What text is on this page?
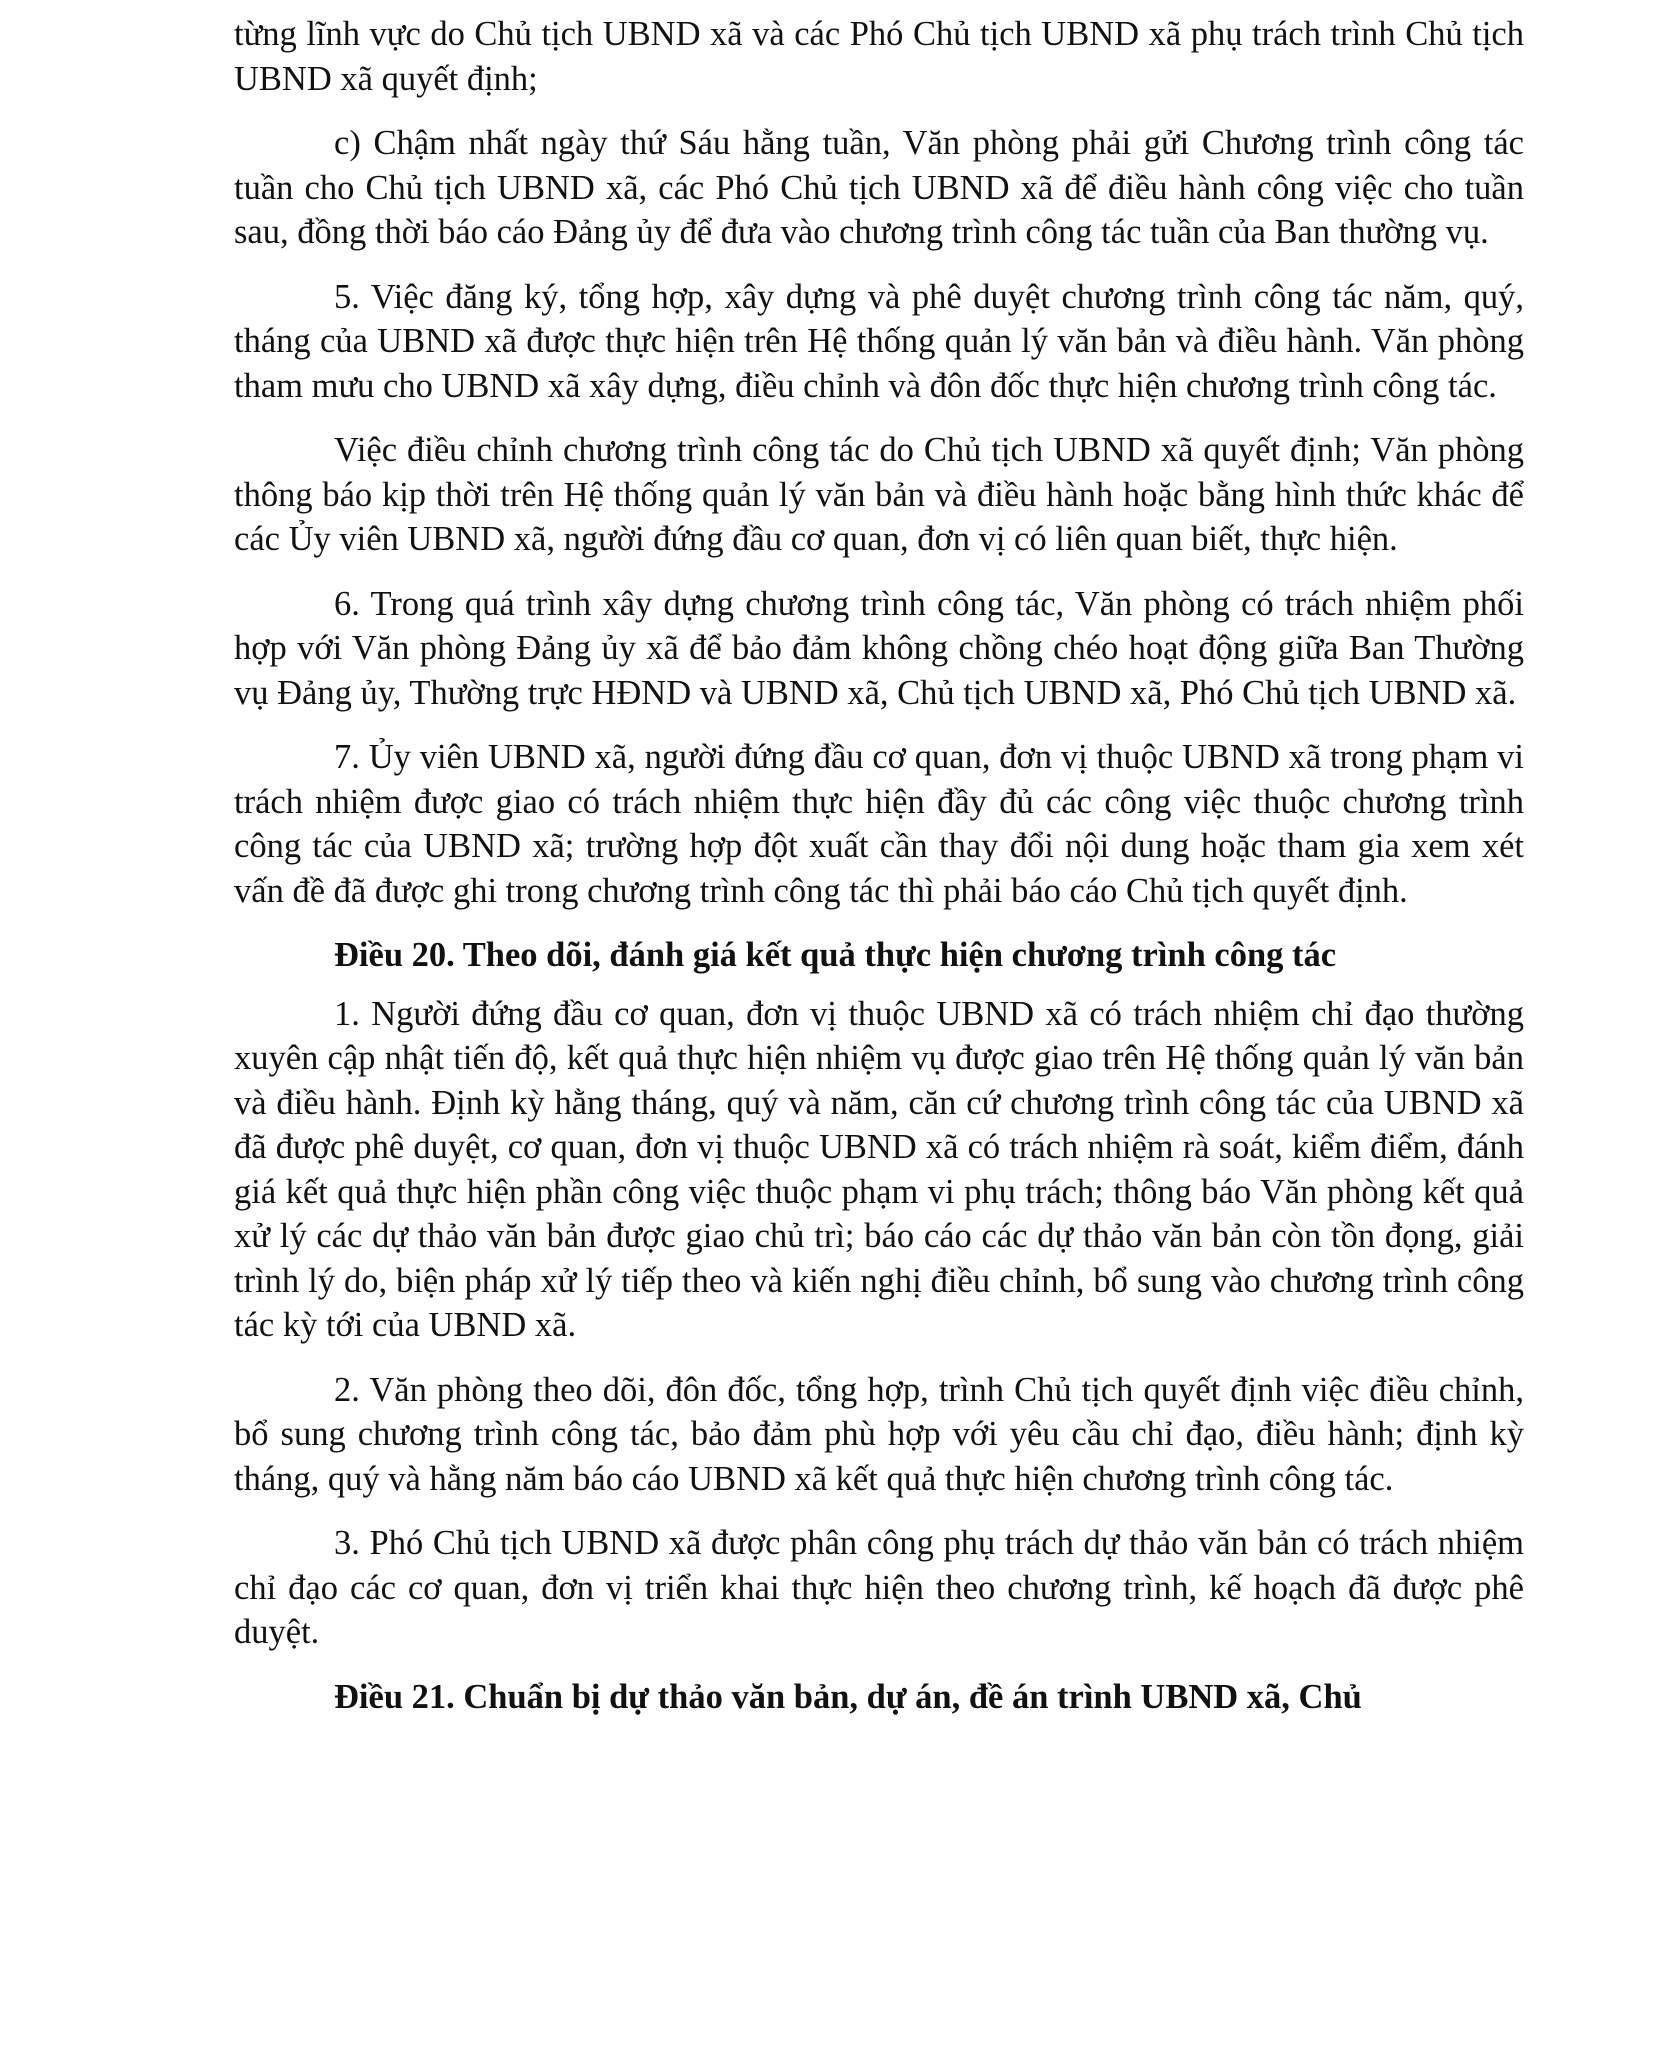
từng lĩnh vực do Chủ tịch UBND xã và các Phó Chủ tịch UBND xã phụ trách trình Chủ tịch UBND xã quyết định;

c) Chậm nhất ngày thứ Sáu hằng tuần, Văn phòng phải gửi Chương trình công tác tuần cho Chủ tịch UBND xã, các Phó Chủ tịch UBND xã để điều hành công việc cho tuần sau, đồng thời báo cáo Đảng ủy để đưa vào chương trình công tác tuần của Ban thường vụ.

5. Việc đăng ký, tổng hợp, xây dựng và phê duyệt chương trình công tác năm, quý, tháng của UBND xã được thực hiện trên Hệ thống quản lý văn bản và điều hành. Văn phòng tham mưu cho UBND xã xây dựng, điều chỉnh và đôn đốc thực hiện chương trình công tác.

Việc điều chỉnh chương trình công tác do Chủ tịch UBND xã quyết định; Văn phòng thông báo kịp thời trên Hệ thống quản lý văn bản và điều hành hoặc bằng hình thức khác để các Ủy viên UBND xã, người đứng đầu cơ quan, đơn vị có liên quan biết, thực hiện.

6. Trong quá trình xây dựng chương trình công tác, Văn phòng có trách nhiệm phối hợp với Văn phòng Đảng ủy xã để bảo đảm không chồng chéo hoạt động giữa Ban Thường vụ Đảng ủy, Thường trực HĐND và UBND xã, Chủ tịch UBND xã, Phó Chủ tịch UBND xã.

7. Ủy viên UBND xã, người đứng đầu cơ quan, đơn vị thuộc UBND xã trong phạm vi trách nhiệm được giao có trách nhiệm thực hiện đầy đủ các công việc thuộc chương trình công tác của UBND xã; trường hợp đột xuất cần thay đổi nội dung hoặc tham gia xem xét vấn đề đã được ghi trong chương trình công tác thì phải báo cáo Chủ tịch quyết định.

Điều 20. Theo dõi, đánh giá kết quả thực hiện chương trình công tác

1. Người đứng đầu cơ quan, đơn vị thuộc UBND xã có trách nhiệm chỉ đạo thường xuyên cập nhật tiến độ, kết quả thực hiện nhiệm vụ được giao trên Hệ thống quản lý văn bản và điều hành. Định kỳ hằng tháng, quý và năm, căn cứ chương trình công tác của UBND xã đã được phê duyệt, cơ quan, đơn vị thuộc UBND xã có trách nhiệm rà soát, kiểm điểm, đánh giá kết quả thực hiện phần công việc thuộc phạm vi phụ trách; thông báo Văn phòng kết quả xử lý các dự thảo văn bản được giao chủ trì; báo cáo các dự thảo văn bản còn tồn đọng, giải trình lý do, biện pháp xử lý tiếp theo và kiến nghị điều chỉnh, bổ sung vào chương trình công tác kỳ tới của UBND xã.

2. Văn phòng theo dõi, đôn đốc, tổng hợp, trình Chủ tịch quyết định việc điều chỉnh, bổ sung chương trình công tác, bảo đảm phù hợp với yêu cầu chỉ đạo, điều hành; định kỳ tháng, quý và hằng năm báo cáo UBND xã kết quả thực hiện chương trình công tác.

3. Phó Chủ tịch UBND xã được phân công phụ trách dự thảo văn bản có trách nhiệm chỉ đạo các cơ quan, đơn vị triển khai thực hiện theo chương trình, kế hoạch đã được phê duyệt.

Điều 21. Chuẩn bị dự thảo văn bản, dự án, đề án trình UBND xã, Chủ
